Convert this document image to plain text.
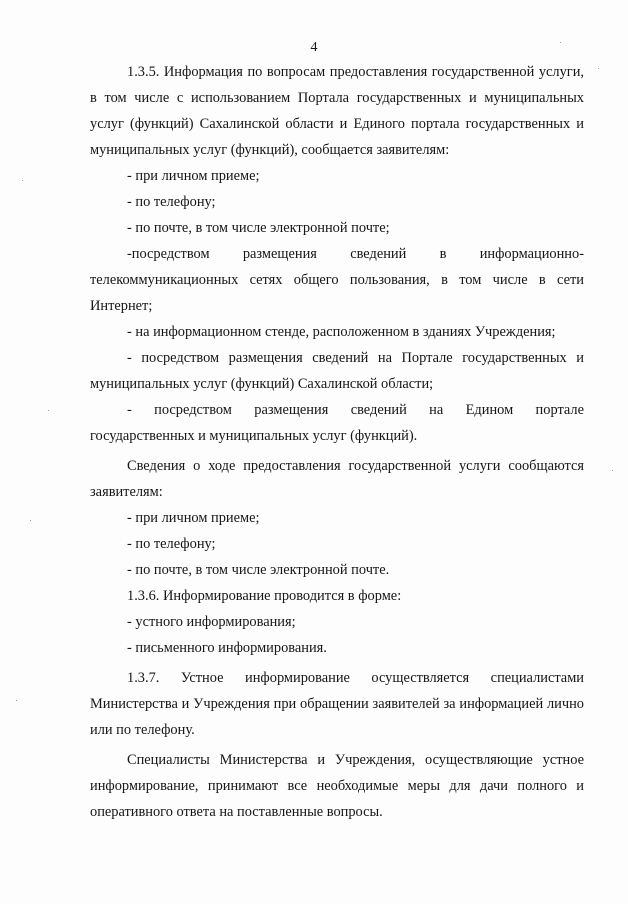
4

1.3.5. Информация по вопросам предоставления государственной услуги, в том числе с использованием Портала государственных и муниципальных услуг (функций) Сахалинской области и Единого портала государственных и муниципальных услуг (функций), сообщается заявителям:

- при личном приеме;

- по телефону;

- по почте, в том числе электронной почте;

-посредством размещения сведений в информационно-

телекоммуникационных сетях общего пользования, в том числе в сети Интернет;

- на информационном стенде, расположенном в зданиях Учреждения;

- посредством размещения сведений на Портале государственных и муниципальных услуг (функций) Сахалинской области;

- посредством размещения сведений на Едином портале

государственных и муниципальных услуг (функций).

Сведения о ходе предоставления государственной услуги сообщаются заявителям:

- при личном приеме;

- по телефону;

- по почте, в том числе электронной почте.

1.3.6. Информирование проводится в форме:

- устного информирования;

- письменного информирования.

1.3.7. Устное информирование осуществляется специалистами Министерства и Учреждения при обращении заявителей за информацией лично или по телефону.

Специалисты Министерства и Учреждения, осуществляющие устное информирование, принимают все необходимые меры для дачи полного и оперативного ответа на поставленные вопросы.
